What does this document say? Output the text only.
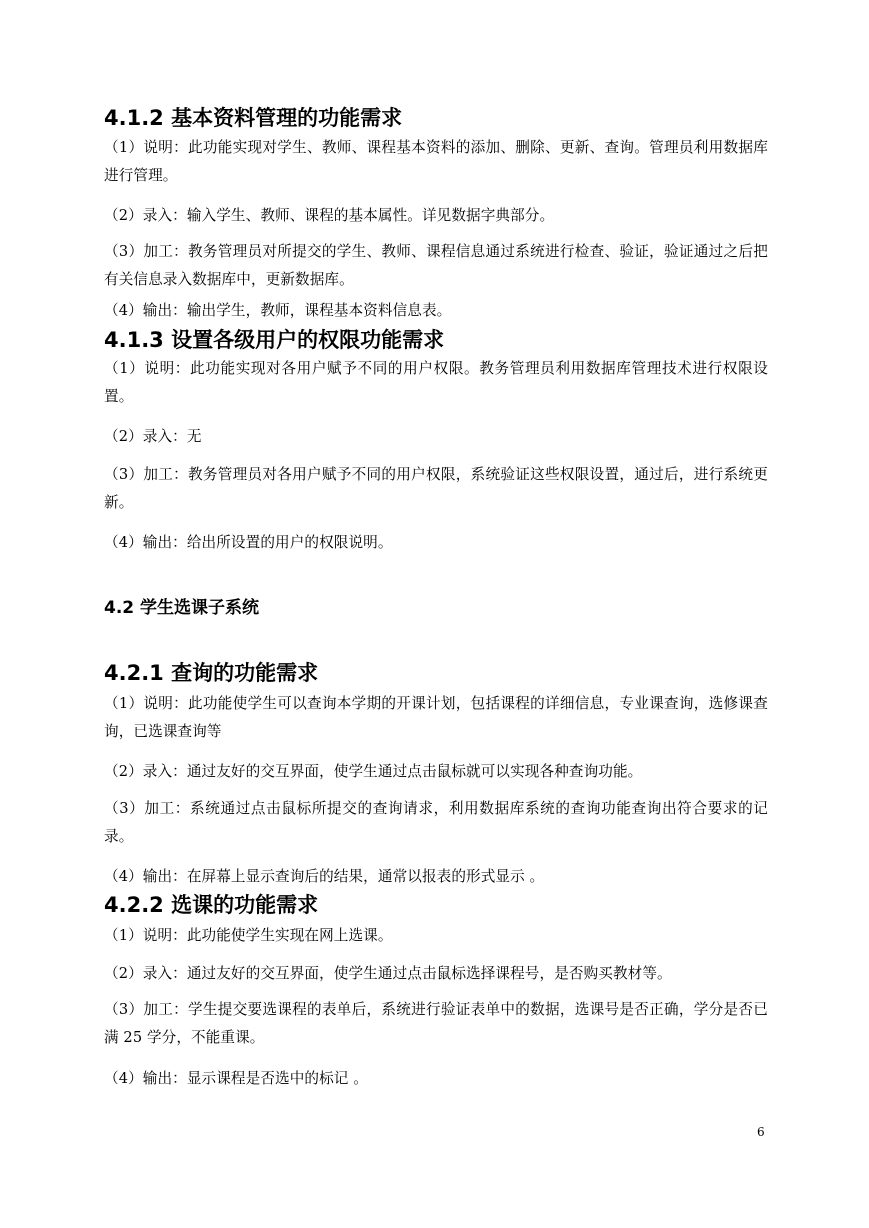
4.1.2 基本资料管理的功能需求

（1）说明：此功能实现对学生、教师、课程基本资料的添加、删除、更新、查询。管理员利用数据库进行管理。

（2）录入：输入学生、教师、课程的基本属性。详见数据字典部分。

（3）加工：教务管理员对所提交的学生、教师、课程信息通过系统进行检查、验证，验证通过之后把有关信息录入数据库中，更新数据库。

（4）输出：输出学生，教师，课程基本资料信息表。

4.1.3 设置各级用户的权限功能需求

（1）说明：此功能实现对各用户赋予不同的用户权限。教务管理员利用数据库管理技术进行权限设置。

（2）录入：无

（3）加工：教务管理员对各用户赋予不同的用户权限，系统验证这些权限设置，通过后，进行系统更新。

（4）输出：给出所设置的用户的权限说明。

4.2 学生选课子系统
4.2.1 查询的功能需求

（1）说明：此功能使学生可以查询本学期的开课计划，包括课程的详细信息，专业课查询，选修课查询，已选课查询等

（2）录入：通过友好的交互界面，使学生通过点击鼠标就可以实现各种查询功能。

（3）加工：系统通过点击鼠标所提交的查询请求，利用数据库系统的查询功能查询出符合要求的记录。

（4）输出：在屏幕上显示查询后的结果，通常以报表的形式显示 。

4.2.2 选课的功能需求

（1）说明：此功能使学生实现在网上选课。

（2）录入：通过友好的交互界面，使学生通过点击鼠标选择课程号，是否购买教材等。

（3）加工：学生提交要选课程的表单后，系统进行验证表单中的数据，选课号是否正确，学分是否已满 25 学分，不能重课。

（4）输出：显示课程是否选中的标记 。

6
